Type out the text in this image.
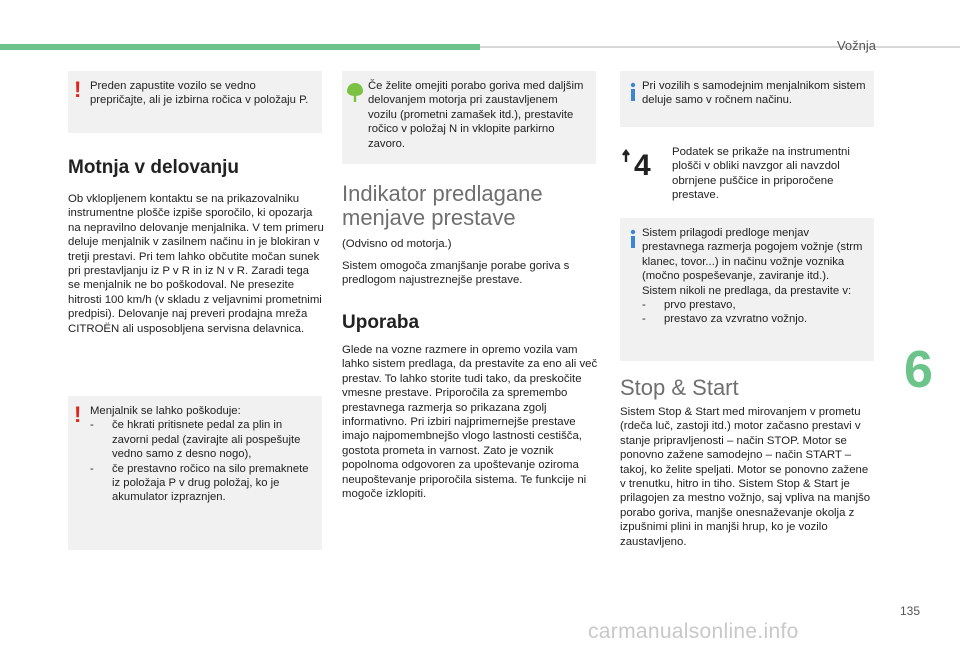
Vožnja
6
135
carmanualsonline.info
! Preden zapustite vozilo se vedno prepričajte, ali je izbirna ročica v položaju P.
Motnja v delovanju
Ob vklopljenem kontaktu se na prikazovalniku instrumentne plošče izpiše sporočilo, ki opozarja na nepravilno delovanje menjalnika. V tem primeru deluje menjalnik v zasilnem načinu in je blokiran v tretji prestavi. Pri tem lahko občutite močan sunek pri prestavljanju iz P v R in iz N v R. Zaradi tega se menjalnik ne bo poškodoval. Ne presezite hitrosti 100 km/h (v skladu z veljavnimi prometnimi predpisi). Delovanje naj preveri prodajna mreža CITROËN ali usposobljena servisna delavnica.
! Menjalnik se lahko poškoduje:
- če hkrati pritisnete pedal za plin in zavorni pedal (zavirajte ali pospešujte vedno samo z desno nogo),
- če prestavno ročico na silo premaknete iz položaja P v drug položaj, ko je akumulator izpraznjen.
Če želite omejiti porabo goriva med daljšim delovanjem motorja pri zaustavljenem vozilu (prometni zamašek itd.), prestavite ročico v položaj N in vklopite parkirno zavoro.
Indikator predlagane
menjave prestave
(Odvisno od motorja.)
Sistem omogoča zmanjšanje porabe goriva s predlogom najustreznejše prestave.
Uporaba
Glede na vozne razmere in opremo vozila vam lahko sistem predlaga, da prestavite za eno ali več prestav. To lahko storite tudi tako, da preskočite vmesne prestave. Priporočila za spremembo prestavnega razmerja so prikazana zgolj informativno. Pri izbiri najprimernejše prestave imajo najpomembnejšo vlogo lastnosti cestišča, gostota prometa in varnost. Zato je voznik popolnoma odgovoren za upoštevanje oziroma neupoštevanje priporočila sistema. Te funkcije ni mogoče izklopiti.
Pri vozilih s samodejnim menjalnikom sistem deluje samo v ročnem načinu.
4 Podatek se prikaže na instrumentni plošči v obliki navzgor ali navzdol obrnjene puščice in priporočene prestave.
Sistem prilagodi predloge menjav prestavnega razmerja pogojem vožnje (strm klanec, tovor...) in načinu vožnje voznika (močno pospeševanje, zaviranje itd.). Sistem nikoli ne predlaga, da prestavite v:
- prvo prestavo,
- prestavo za vzvratno vožnjo.
Stop & Start
Sistem Stop & Start med mirovanjem v prometu (rdeča luč, zastoji itd.) motor začasno prestavi v stanje pripravljenosti – način STOP. Motor se ponovno zažene samodejno – način START – takoj, ko želite speljati. Motor se ponovno zažene v trenutku, hitro in tiho. Sistem Stop & Start je prilagojen za mestno vožnjo, saj vpliva na manjšo porabo goriva, manjše onesnaževanje okolja z izpušnimi plini in manjši hrup, ko je vozilo zaustavljeno.
